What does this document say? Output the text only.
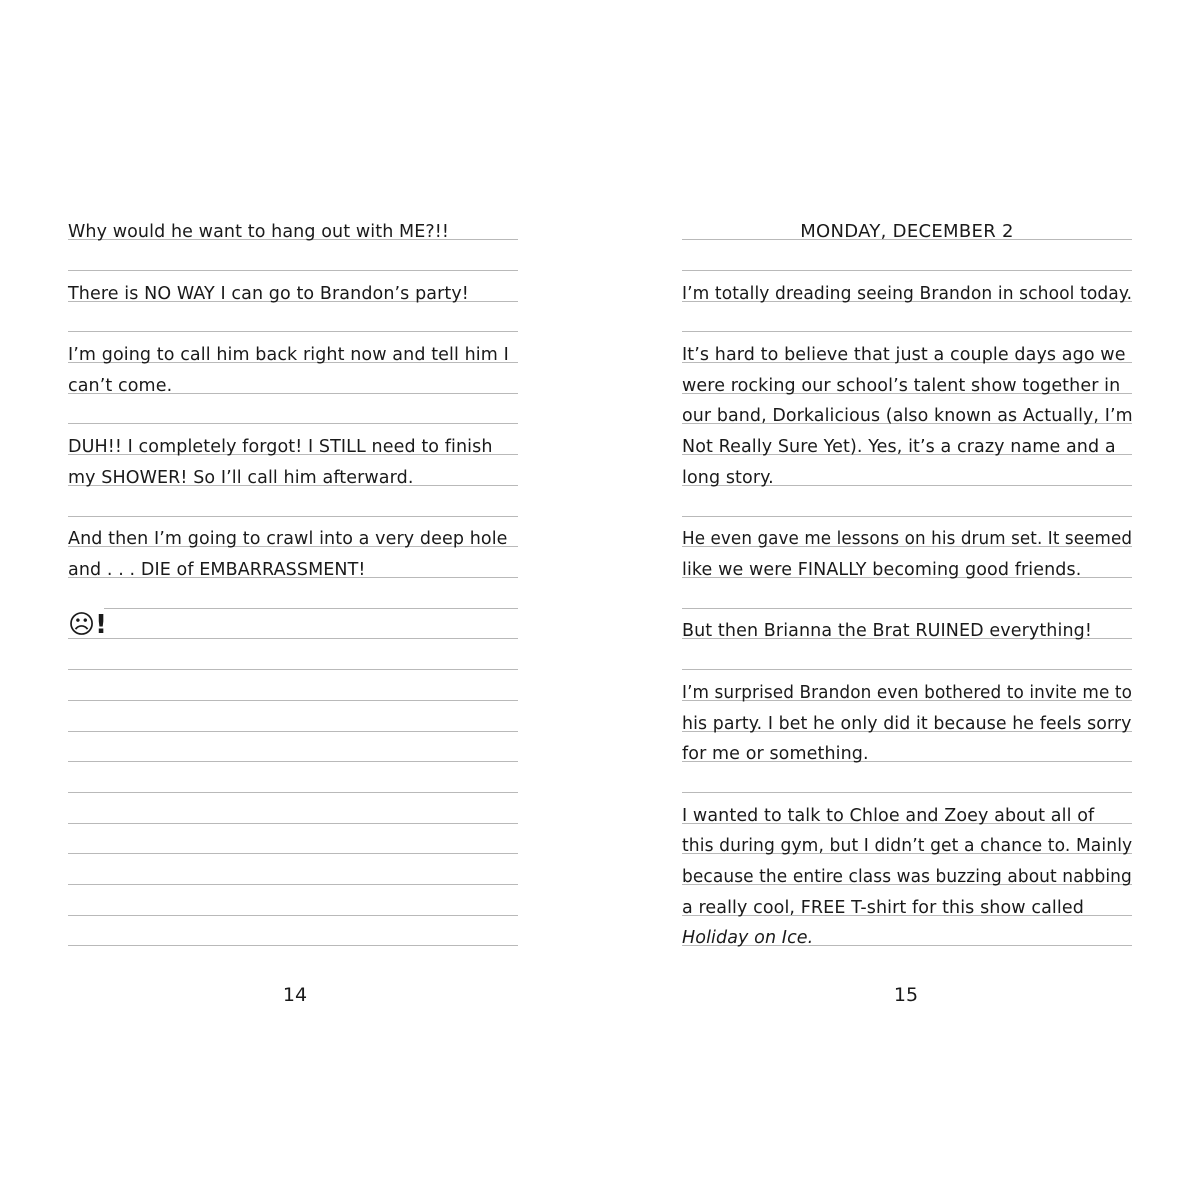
Why would he want to hang out with ME?!!
There is NO WAY I can go to Brandon’s party!
I’m going to call him back right now and tell him I
can’t come.
DUH!! I completely forgot! I STILL need to finish
my SHOWER! So I’ll call him afterward.
And then I’m going to crawl into a very deep hole
and . . . DIE of EMBARRASSMENT!
☹!
14
MONDAY, DECEMBER 2
I’m totally dreading seeing Brandon in school today.
It’s hard to believe that just a couple days ago we
were rocking our school’s talent show together in
our band, Dorkalicious (also known as Actually, I’m
Not Really Sure Yet). Yes, it’s a crazy name and a
long story.
He even gave me lessons on his drum set. It seemed
like we were FINALLY becoming good friends.
But then Brianna the Brat RUINED everything!
I’m surprised Brandon even bothered to invite me to
his party. I bet he only did it because he feels sorry
for me or something.
I wanted to talk to Chloe and Zoey about all of
this during gym, but I didn’t get a chance to. Mainly
because the entire class was buzzing about nabbing
a really cool, FREE T-shirt for this show called
Holiday on Ice.
15
